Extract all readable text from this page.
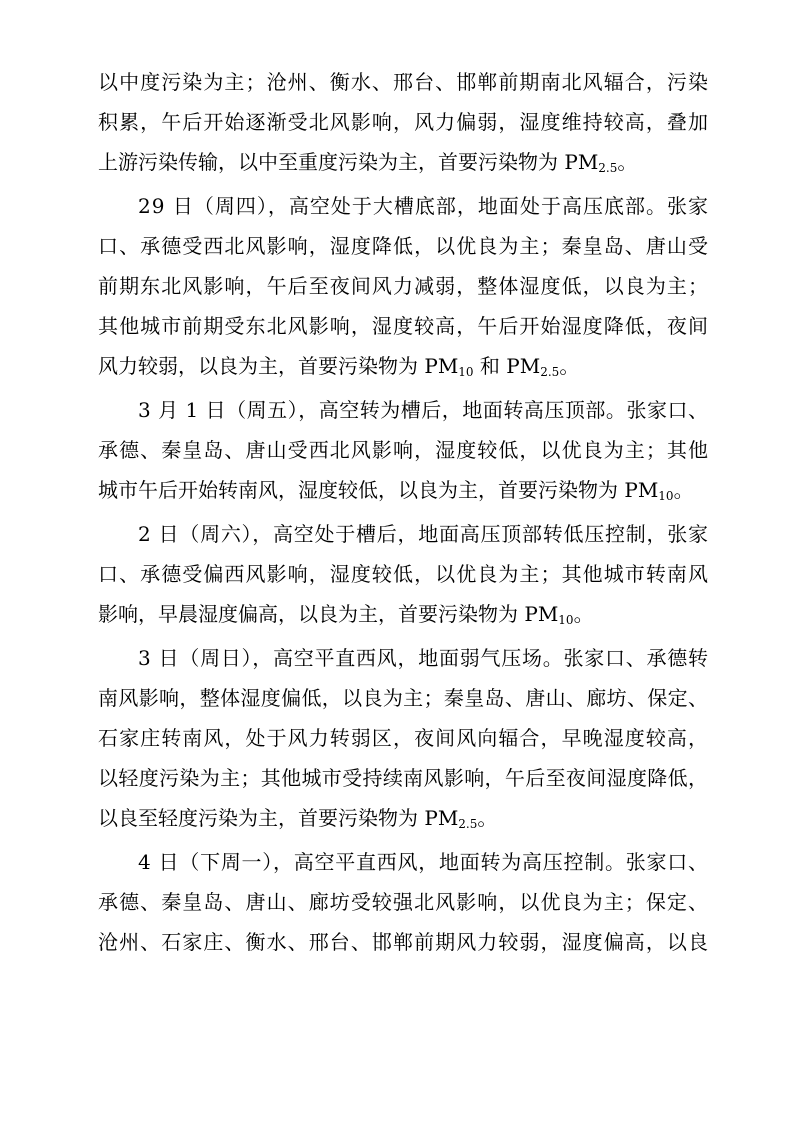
以中度污染为主；沧州、衡水、邢台、邯郸前期南北风辐合，污染
积累，午后开始逐渐受北风影响，风力偏弱，湿度维持较高，叠加
上游污染传输，以中至重度污染为主，首要污染物为 $PM_{2.5}$。
29 日（周四），高空处于大槽底部，地面处于高压底部。张家
口、承德受西北风影响，湿度降低，以优良为主；秦皇岛、唐山受
前期东北风影响，午后至夜间风力减弱，整体湿度低，以良为主；
其他城市前期受东北风影响，湿度较高，午后开始湿度降低，夜间
风力较弱，以良为主，首要污染物为 $PM_{10}$ 和 $PM_{2.5}$。
3 月 1 日（周五），高空转为槽后，地面转高压顶部。张家口、
承德、秦皇岛、唐山受西北风影响，湿度较低，以优良为主；其他
城市午后开始转南风，湿度较低，以良为主，首要污染物为 $PM_{10}$。
2 日（周六），高空处于槽后，地面高压顶部转低压控制，张家
口、承德受偏西风影响，湿度较低，以优良为主；其他城市转南风
影响，早晨湿度偏高，以良为主，首要污染物为 $PM_{10}$。
3 日（周日），高空平直西风，地面弱气压场。张家口、承德转
南风影响，整体湿度偏低，以良为主；秦皇岛、唐山、廊坊、保定、
石家庄转南风，处于风力转弱区，夜间风向辐合，早晚湿度较高，
以轻度污染为主；其他城市受持续南风影响，午后至夜间湿度降低，
以良至轻度污染为主，首要污染物为 $PM_{2.5}$。
4 日（下周一），高空平直西风，地面转为高压控制。张家口、
承德、秦皇岛、唐山、廊坊受较强北风影响，以优良为主；保定、
沧州、石家庄、衡水、邢台、邯郸前期风力较弱，湿度偏高，以良
